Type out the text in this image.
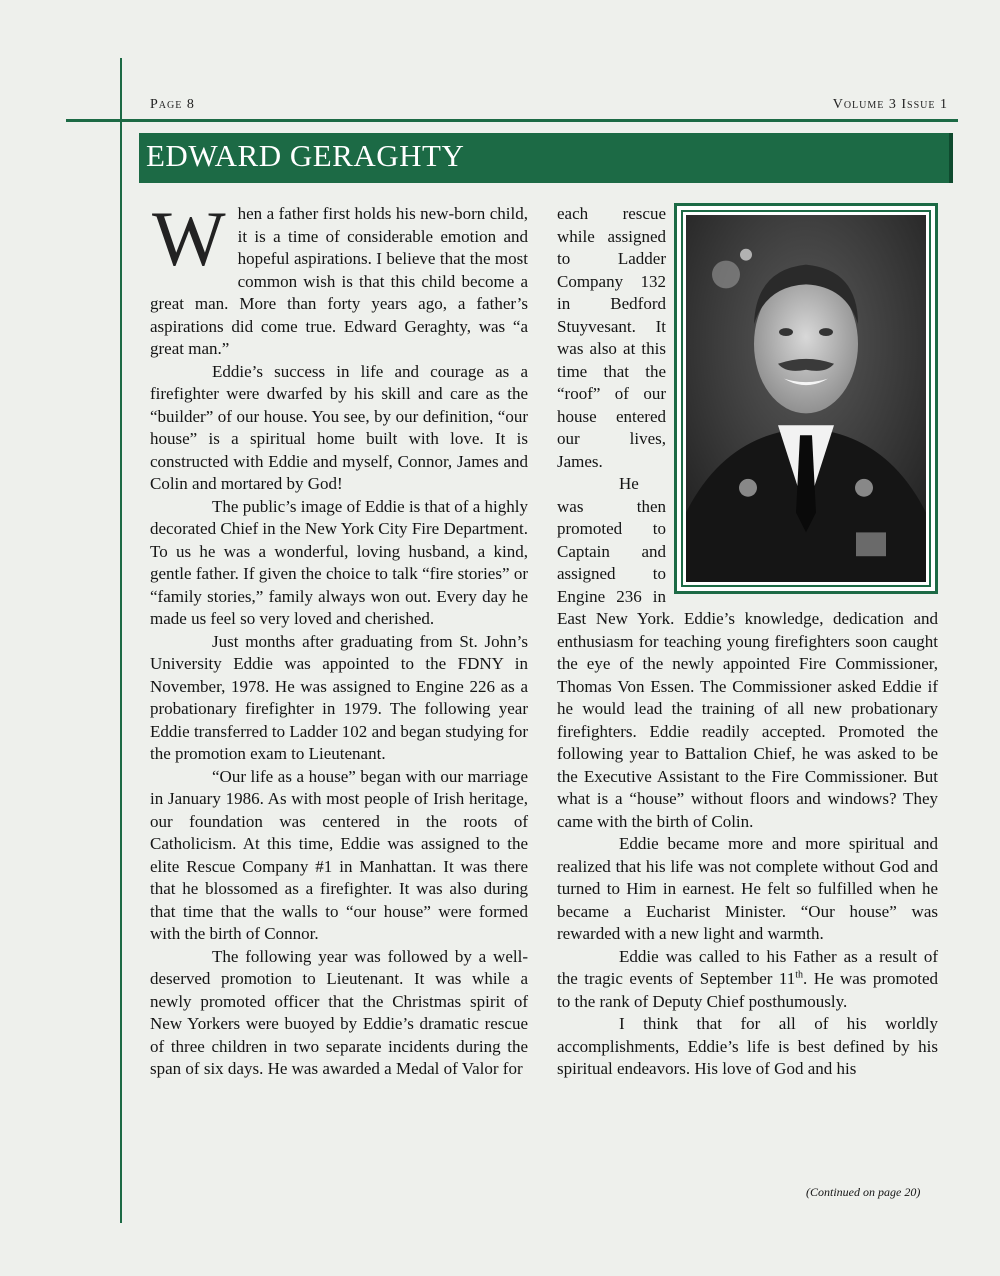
Page 8	Volume 3 Issue 1
EDWARD GERAGHTY

When a father first holds his new-born child, it is a time of considerable emotion and hopeful aspirations. I believe that the most common wish is that this child become a great man. More than forty years ago, a father’s aspirations did come true. Edward Geraghty, was “a great man.”

Eddie’s success in life and courage as a firefighter were dwarfed by his skill and care as the “builder” of our house. You see, by our definition, “our house” is a spiritual home built with love. It is constructed with Eddie and myself, Connor, James and Colin and mortared by God!

The public’s image of Eddie is that of a highly decorated Chief in the New York City Fire Department. To us he was a wonderful, loving husband, a kind, gentle father. If given the choice to talk “fire stories” or “family stories,” family always won out. Every day he made us feel so very loved and cherished.

Just months after graduating from St. John’s University Eddie was appointed to the FDNY in November, 1978. He was assigned to Engine 226 as a probationary firefighter in 1979. The following year Eddie transferred to Ladder 102 and began studying for the promotion exam to Lieutenant.

“Our life as a house” began with our marriage in January 1986. As with most people of Irish heritage, our foundation was centered in the roots of Catholicism. At this time, Eddie was assigned to the elite Rescue Company #1 in Manhattan. It was there that he blossomed as a firefighter. It was also during that time that the walls to “our house” were formed with the birth of Connor.

The following year was followed by a well-deserved promotion to Lieutenant. It was while a newly promoted officer that the Christmas spirit of New Yorkers were buoyed by Eddie’s dramatic rescue of three children in two separate incidents during the span of six days. He was awarded a Medal of Valor for

each rescue while assigned to Ladder Company 132 in Bedford Stuyvesant. It was also at this time that the “roof” of our house entered our lives, James.

He was then promoted to Captain and assigned to Engine 236 in East New York. Eddie’s knowledge, dedication and enthusiasm for teaching young firefighters soon caught the eye of the newly appointed Fire Commissioner, Thomas Von Essen. The Commissioner asked Eddie if he would lead the training of all new probationary firefighters. Eddie readily accepted. Promoted the following year to Battalion Chief, he was asked to be the Executive Assistant to the Fire Commissioner. But what is a “house” without floors and windows? They came with the birth of Colin.

Eddie became more and more spiritual and realized that his life was not complete without God and turned to Him in earnest. He felt so fulfilled when he became a Eucharist Minister. “Our house” was rewarded with a new light and warmth.

Eddie was called to his Father as a result of the tragic events of September 11th. He was promoted to the rank of Deputy Chief posthumously.

I think that for all of his worldly accomplishments, Eddie’s life is best defined by his spiritual endeavors. His love of God and his

(Continued on page 20)
